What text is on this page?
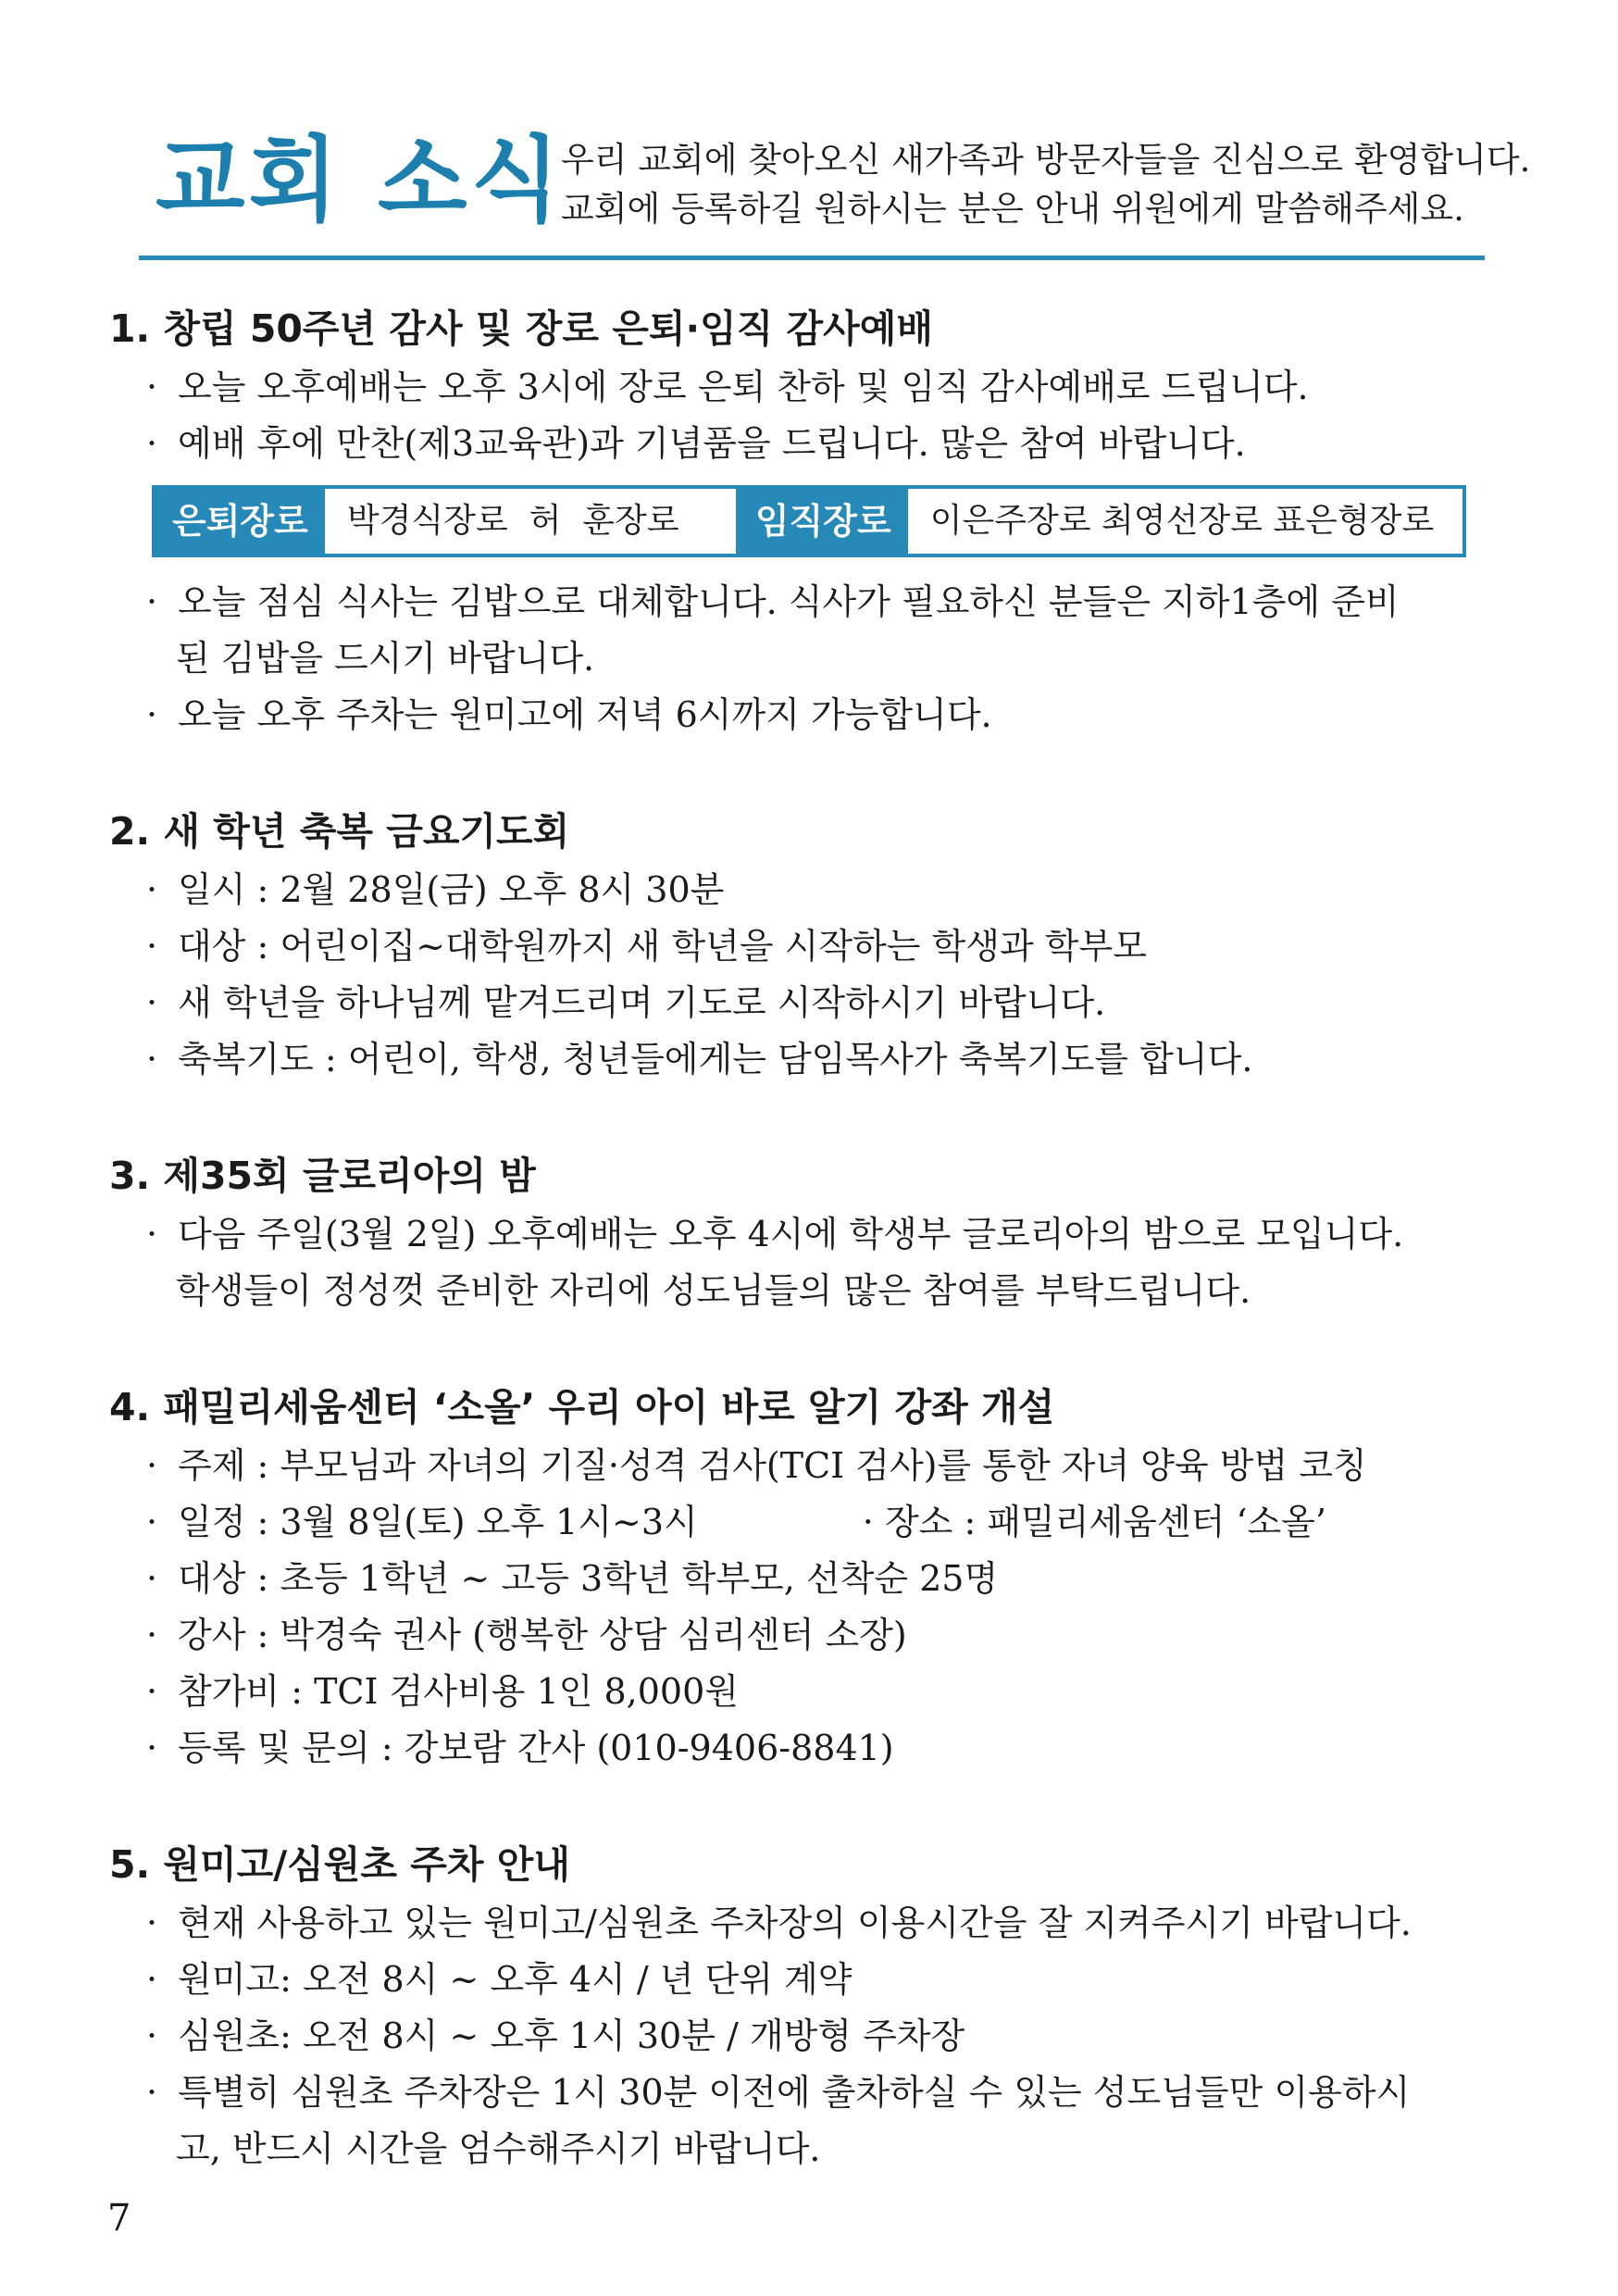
교회 소식
우리 교회에 찾아오신 새가족과 방문자들을 진심으로 환영합니다.
교회에 등록하길 원하시는 분은 안내 위원에게 말씀해주세요.
1. 창립 50주년 감사 및 장로 은퇴·임직 감사예배
· 오늘 오후예배는 오후 3시에 장로 은퇴 찬하 및 임직 감사예배로 드립니다.
· 예배 후에 만찬(제3교육관)과 기념품을 드립니다. 많은 참여 바랍니다.
은퇴장로	박경식장로  허  훈장로	임직장로	이은주장로 최영선장로 표은형장로
· 오늘 점심 식사는 김밥으로 대체합니다. 식사가 필요하신 분들은 지하1층에 준비
된 김밥을 드시기 바랍니다.
· 오늘 오후 주차는 원미고에 저녁 6시까지 가능합니다.
2. 새 학년 축복 금요기도회
· 일시 : 2월 28일(금) 오후 8시 30분
· 대상 : 어린이집~대학원까지 새 학년을 시작하는 학생과 학부모
· 새 학년을 하나님께 맡겨드리며 기도로 시작하시기 바랍니다.
· 축복기도 : 어린이, 학생, 청년들에게는 담임목사가 축복기도를 합니다.
3. 제35회 글로리아의 밤
· 다음 주일(3월 2일) 오후예배는 오후 4시에 학생부 글로리아의 밤으로 모입니다.
학생들이 정성껏 준비한 자리에 성도님들의 많은 참여를 부탁드립니다.
4. 패밀리세움센터 ‘소올’ 우리 아이 바로 알기 강좌 개설
· 주제 : 부모님과 자녀의 기질·성격 검사(TCI 검사)를 통한 자녀 양육 방법 코칭
· 일정 : 3월 8일(토) 오후 1시~3시	· 장소 : 패밀리세움센터 ‘소올’
· 대상 : 초등 1학년 ~ 고등 3학년 학부모, 선착순 25명
· 강사 : 박경숙 권사 (행복한 상담 심리센터 소장)
· 참가비 : TCI 검사비용 1인 8,000원
· 등록 및 문의 : 강보람 간사 (010-9406-8841)
5. 원미고/심원초 주차 안내
· 현재 사용하고 있는 원미고/심원초 주차장의 이용시간을 잘 지켜주시기 바랍니다.
· 원미고: 오전 8시 ~ 오후 4시 / 년 단위 계약
· 심원초: 오전 8시 ~ 오후 1시 30분 / 개방형 주차장
· 특별히 심원초 주차장은 1시 30분 이전에 출차하실 수 있는 성도님들만 이용하시
고, 반드시 시간을 엄수해주시기 바랍니다.
7
